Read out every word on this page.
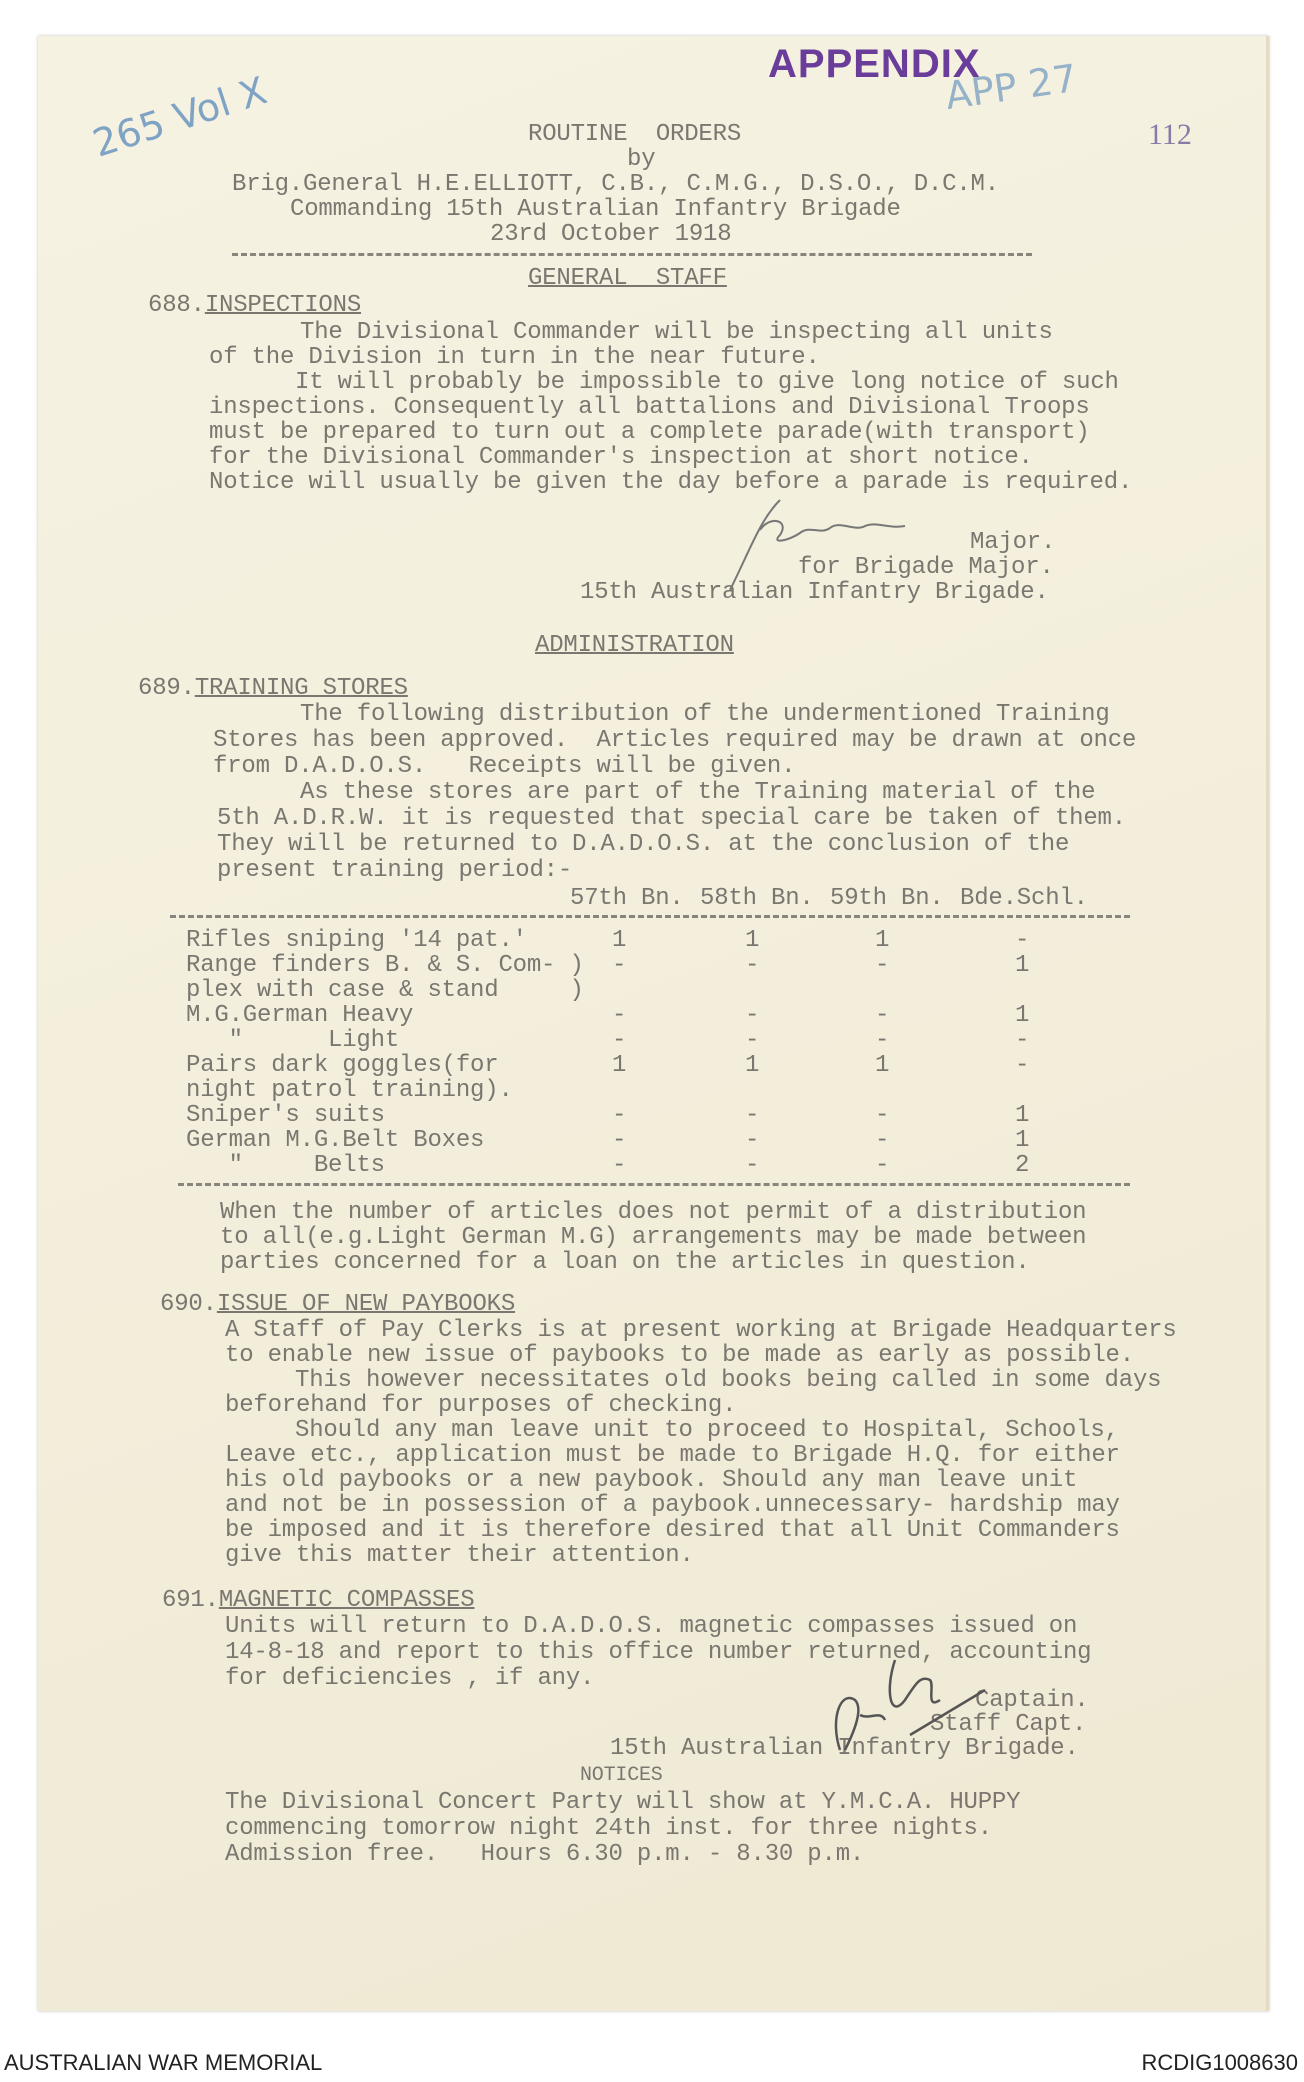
APPENDIX
265 Vol X	APP 27
112
ROUTINE  ORDERS
by
Brig.General H.E.ELLIOTT, C.B., C.M.G., D.S.O., D.C.M.
Commanding 15th Australian Infantry Brigade
23rd October 1918
GENERAL  STAFF
688.INSPECTIONS
The Divisional Commander will be inspecting all units
of the Division in turn in the near future.
It will probably be impossible to give long notice of such
inspections. Consequently all battalions and Divisional Troops
must be prepared to turn out a complete parade(with transport)
for the Divisional Commander's inspection at short notice.
Notice will usually be given the day before a parade is required.
Major.
for Brigade Major.
15th Australian Infantry Brigade.
ADMINISTRATION
689.TRAINING STORES
The following distribution of the undermentioned Training
Stores has been approved.  Articles required may be drawn at once
from D.A.D.O.S.   Receipts will be given.
As these stores are part of the Training material of the
5th A.D.R.W. it is requested that special care be taken of them.
They will be returned to D.A.D.O.S. at the conclusion of the
present training period:-
57th Bn. 58th Bn. 59th Bn. Bde.Schl.
Rifles sniping '14 pat.'	1	1	1	-
Range finders B. & S. Com- ) -	-	-	1
plex with case & stand     )
M.G.German Heavy	-	-	-	1
"      Light	-	-	-	-
Pairs dark goggles(for	1	1	1	-
night patrol training).
Sniper's suits	-	-	-	1
German M.G.Belt Boxes	-	-	-	1
"     Belts	-	-	-	2
When the number of articles does not permit of a distribution
to all(e.g.Light German M.G) arrangements may be made between
parties concerned for a loan on the articles in question.
690.ISSUE OF NEW PAYBOOKS
A Staff of Pay Clerks is at present working at Brigade Headquarters
to enable new issue of paybooks to be made as early as possible.
This however necessitates old books being called in some days
beforehand for purposes of checking.
Should any man leave unit to proceed to Hospital, Schools,
Leave etc., application must be made to Brigade H.Q. for either
his old paybooks or a new paybook. Should any man leave unit
and not be in possession of a paybook.unnecessary- hardship may
be imposed and it is therefore desired that all Unit Commanders
give this matter their attention.
691.MAGNETIC COMPASSES
Units will return to D.A.D.O.S. magnetic compasses issued on
14-8-18 and report to this office number returned, accounting
for deficiencies , if any.
Captain.
Staff Capt.
15th Australian Infantry Brigade.
NOTICES
The Divisional Concert Party will show at Y.M.C.A. HUPPY
commencing tomorrow night 24th inst. for three nights.
Admission free.   Hours 6.30 p.m. - 8.30 p.m.
AUSTRALIAN WAR MEMORIAL	RCDIG1008630
